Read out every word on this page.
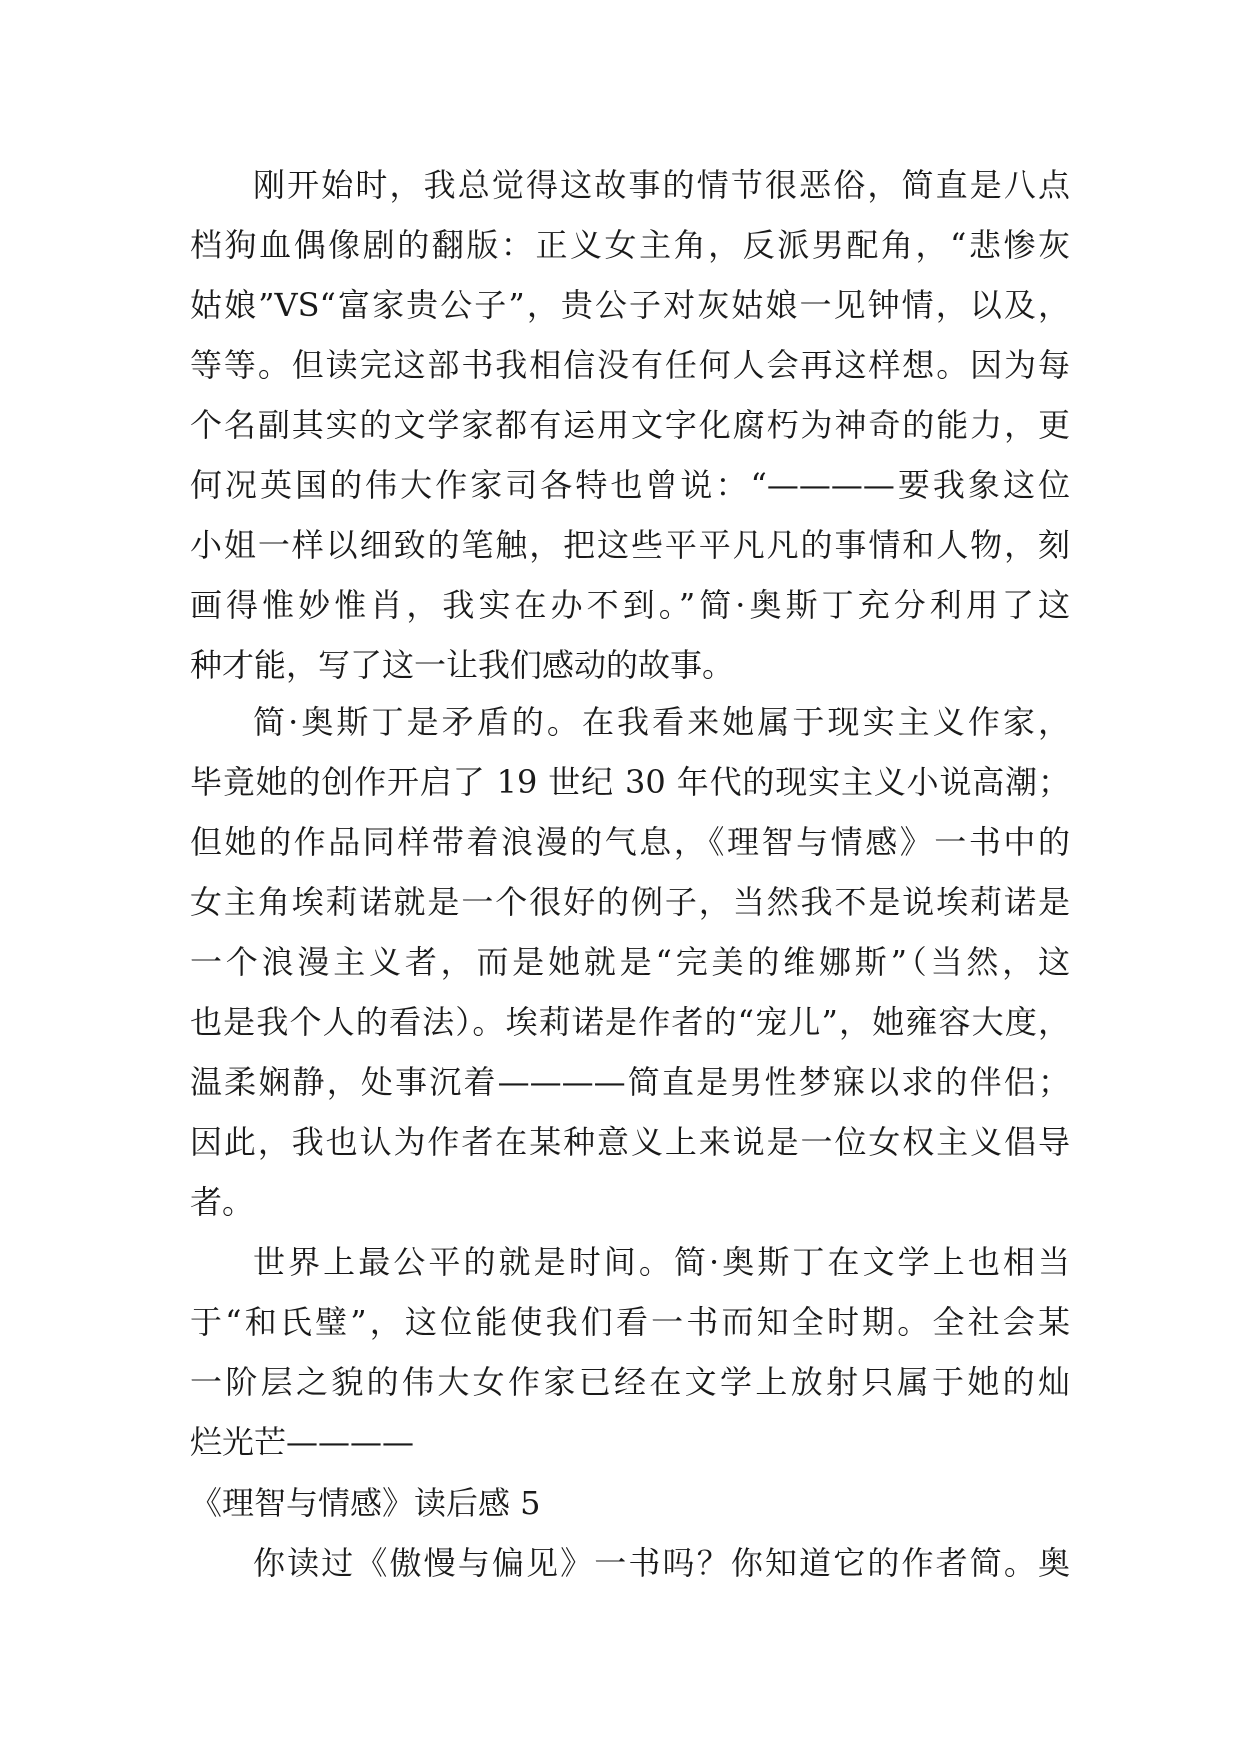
刚开始时，我总觉得这故事的情节很恶俗，简直是八点
档狗血偶像剧的翻版：正义女主角，反派男配角，“悲惨灰
姑娘”VS“富家贵公子”，贵公子对灰姑娘一见钟情，以及，
等等。但读完这部书我相信没有任何人会再这样想。因为每
个名副其实的文学家都有运用文字化腐朽为神奇的能力，更
何况英国的伟大作家司各特也曾说：“————要我象这位
小姐一样以细致的笔触，把这些平平凡凡的事情和人物，刻
画得惟妙惟肖，我实在办不到。”简·奥斯丁充分利用了这
种才能，写了这一让我们感动的故事。
简·奥斯丁是矛盾的。在我看来她属于现实主义作家，
毕竟她的创作开启了 19 世纪 30 年代的现实主义小说高潮；
但她的作品同样带着浪漫的气息，《理智与情感》一书中的
女主角埃莉诺就是一个很好的例子，当然我不是说埃莉诺是
一个浪漫主义者，而是她就是“完美的维娜斯”（当然，这
也是我个人的看法）。埃莉诺是作者的“宠儿”，她雍容大度，
温柔娴静，处事沉着————简直是男性梦寐以求的伴侣；
因此，我也认为作者在某种意义上来说是一位女权主义倡导
者。
世界上最公平的就是时间。简·奥斯丁在文学上也相当
于“和氏璧”，这位能使我们看一书而知全时期。全社会某
一阶层之貌的伟大女作家已经在文学上放射只属于她的灿
烂光芒————
《理智与情感》读后感 5
你读过《傲慢与偏见》一书吗？你知道它的作者简。奥
